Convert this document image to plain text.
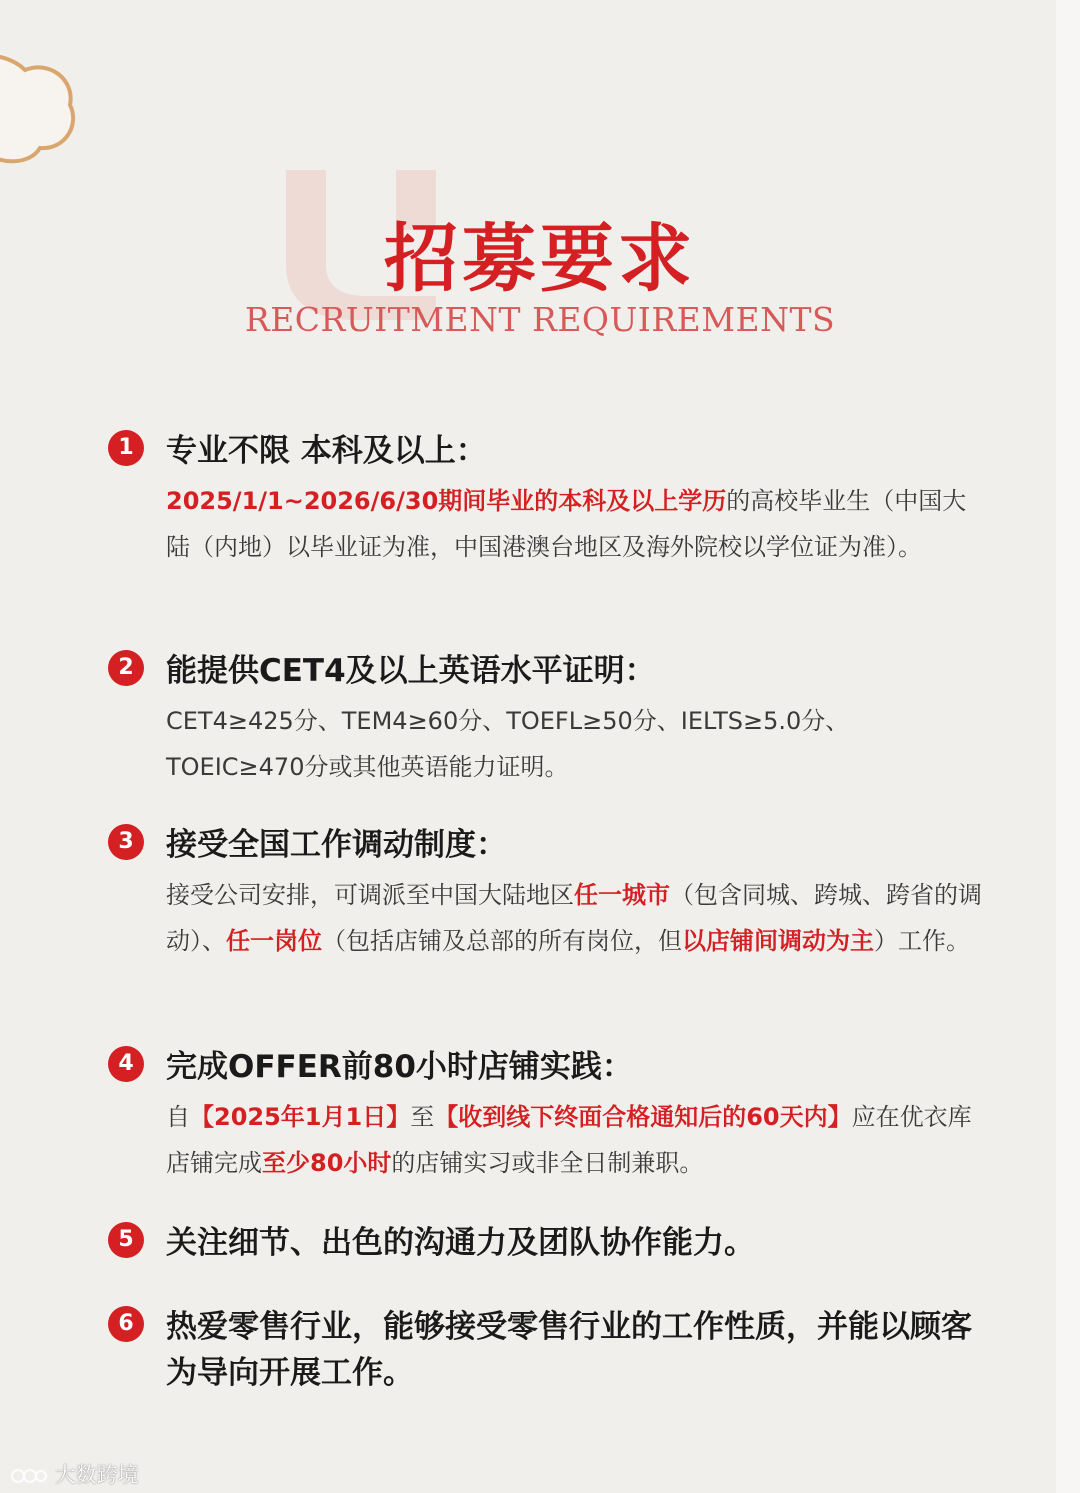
招募要求
RECRUITMENT REQUIREMENTS
1	专业不限 本科及以上：
2025/1/1~2026/6/30期间毕业的本科及以上学历的高校毕业生（中国大陆（内地）以毕业证为准，中国港澳台地区及海外院校以学位证为准）。
2	能提供CET4及以上英语水平证明：
CET4≥425分、TEM4≥60分、TOEFL≥50分、IELTS≥5.0分、TOEIC≥470分或其他英语能力证明。
3	接受全国工作调动制度：
接受公司安排，可调派至中国大陆地区任一城市（包含同城、跨城、跨省的调动）、任一岗位（包括店铺及总部的所有岗位，但以店铺间调动为主）工作。
4	完成OFFER前80小时店铺实践：
自【2025年1月1日】至【收到线下终面合格通知后的60天内】应在优衣库店铺完成至少80小时的店铺实习或非全日制兼职。
5	关注细节、出色的沟通力及团队协作能力。
6	热爱零售行业，能够接受零售行业的工作性质，并能以顾客为导向开展工作。
大数跨境
